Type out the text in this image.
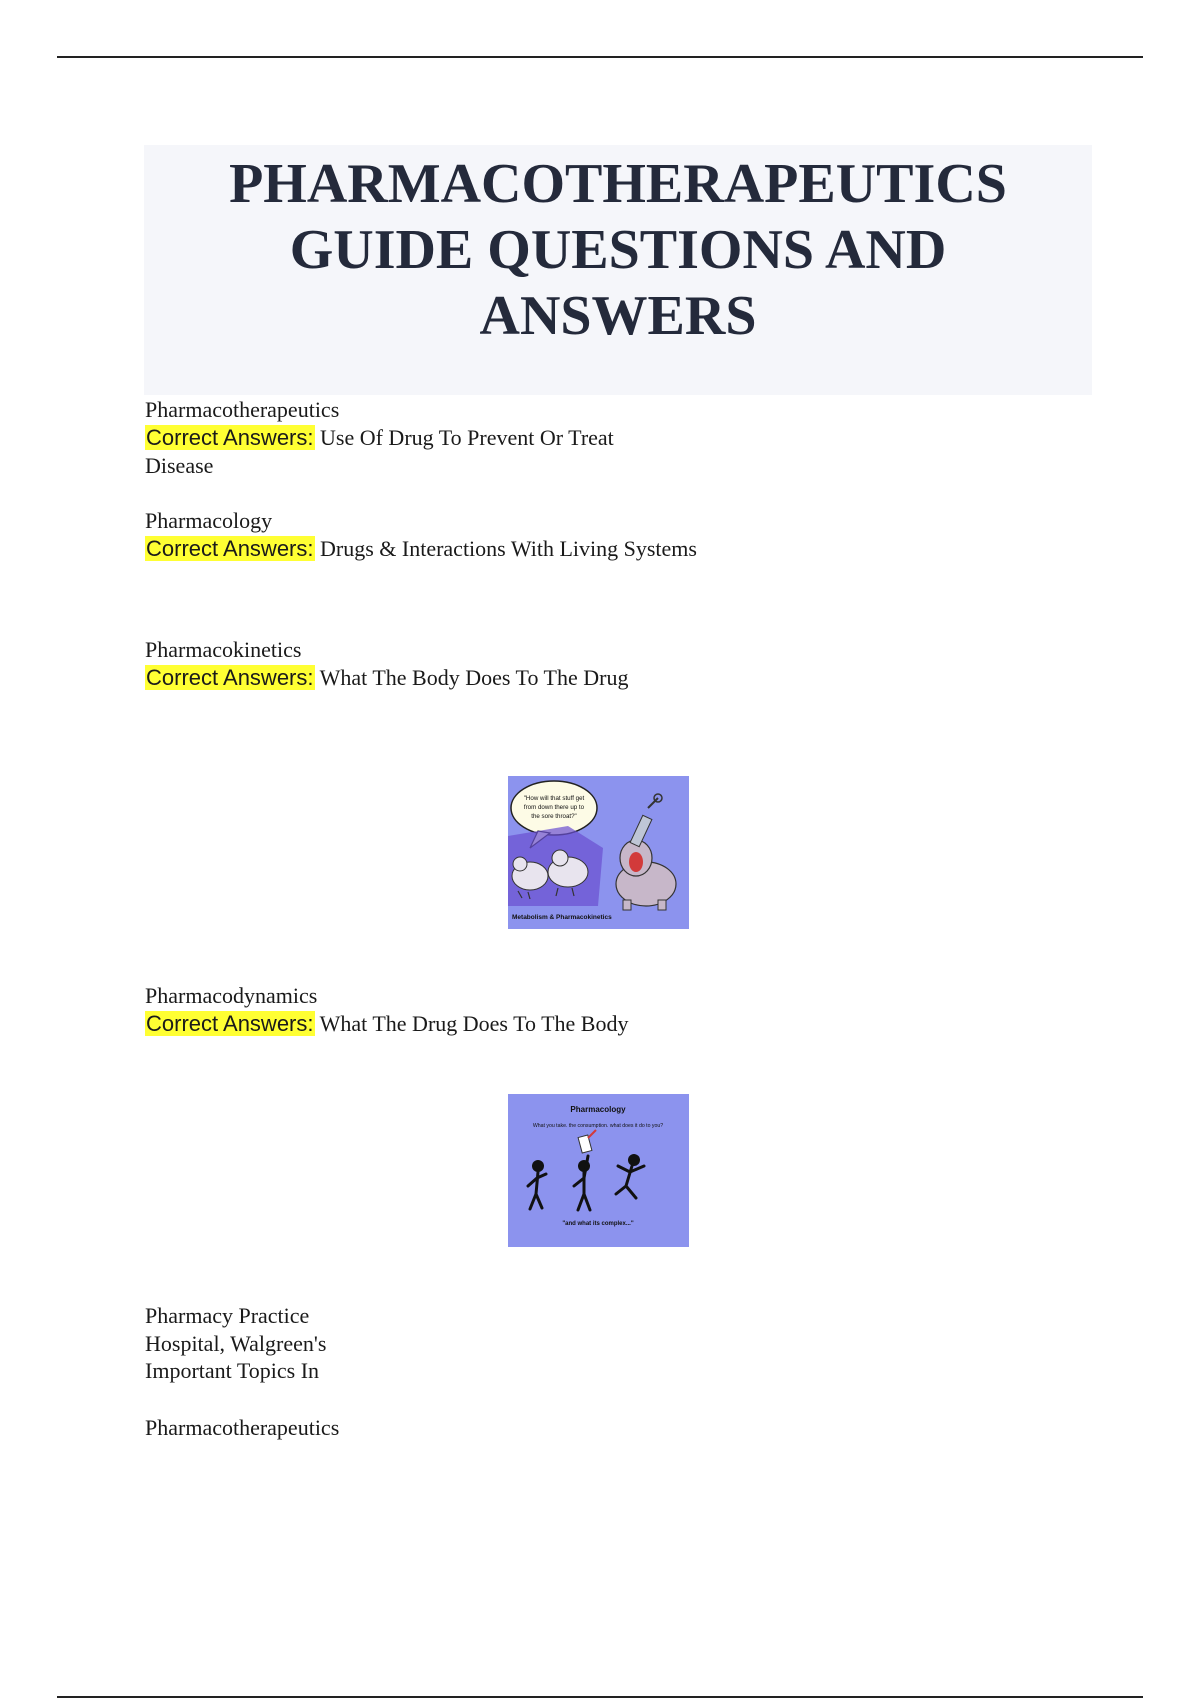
PHARMACOTHERAPEUTICS
GUIDE QUESTIONS AND
ANSWERS
Pharmacotherapeutics
Correct Answers: Use Of Drug To Prevent Or Treat
Disease
Pharmacology
Correct Answers: Drugs & Interactions With Living Systems
Pharmacokinetics
Correct Answers: What The Body Does To The Drug
"How will that stuff get
from down there up to
the sore throat?"
Metabolism & Pharmacokinetics
Pharmacodynamics
Correct Answers: What The Drug Does To The Body
Pharmacology
What you take. the consumption. what does it do to you?
"and what its complex..."
Pharmacy Practice
Hospital, Walgreen's
Important Topics In
Pharmacotherapeutics
